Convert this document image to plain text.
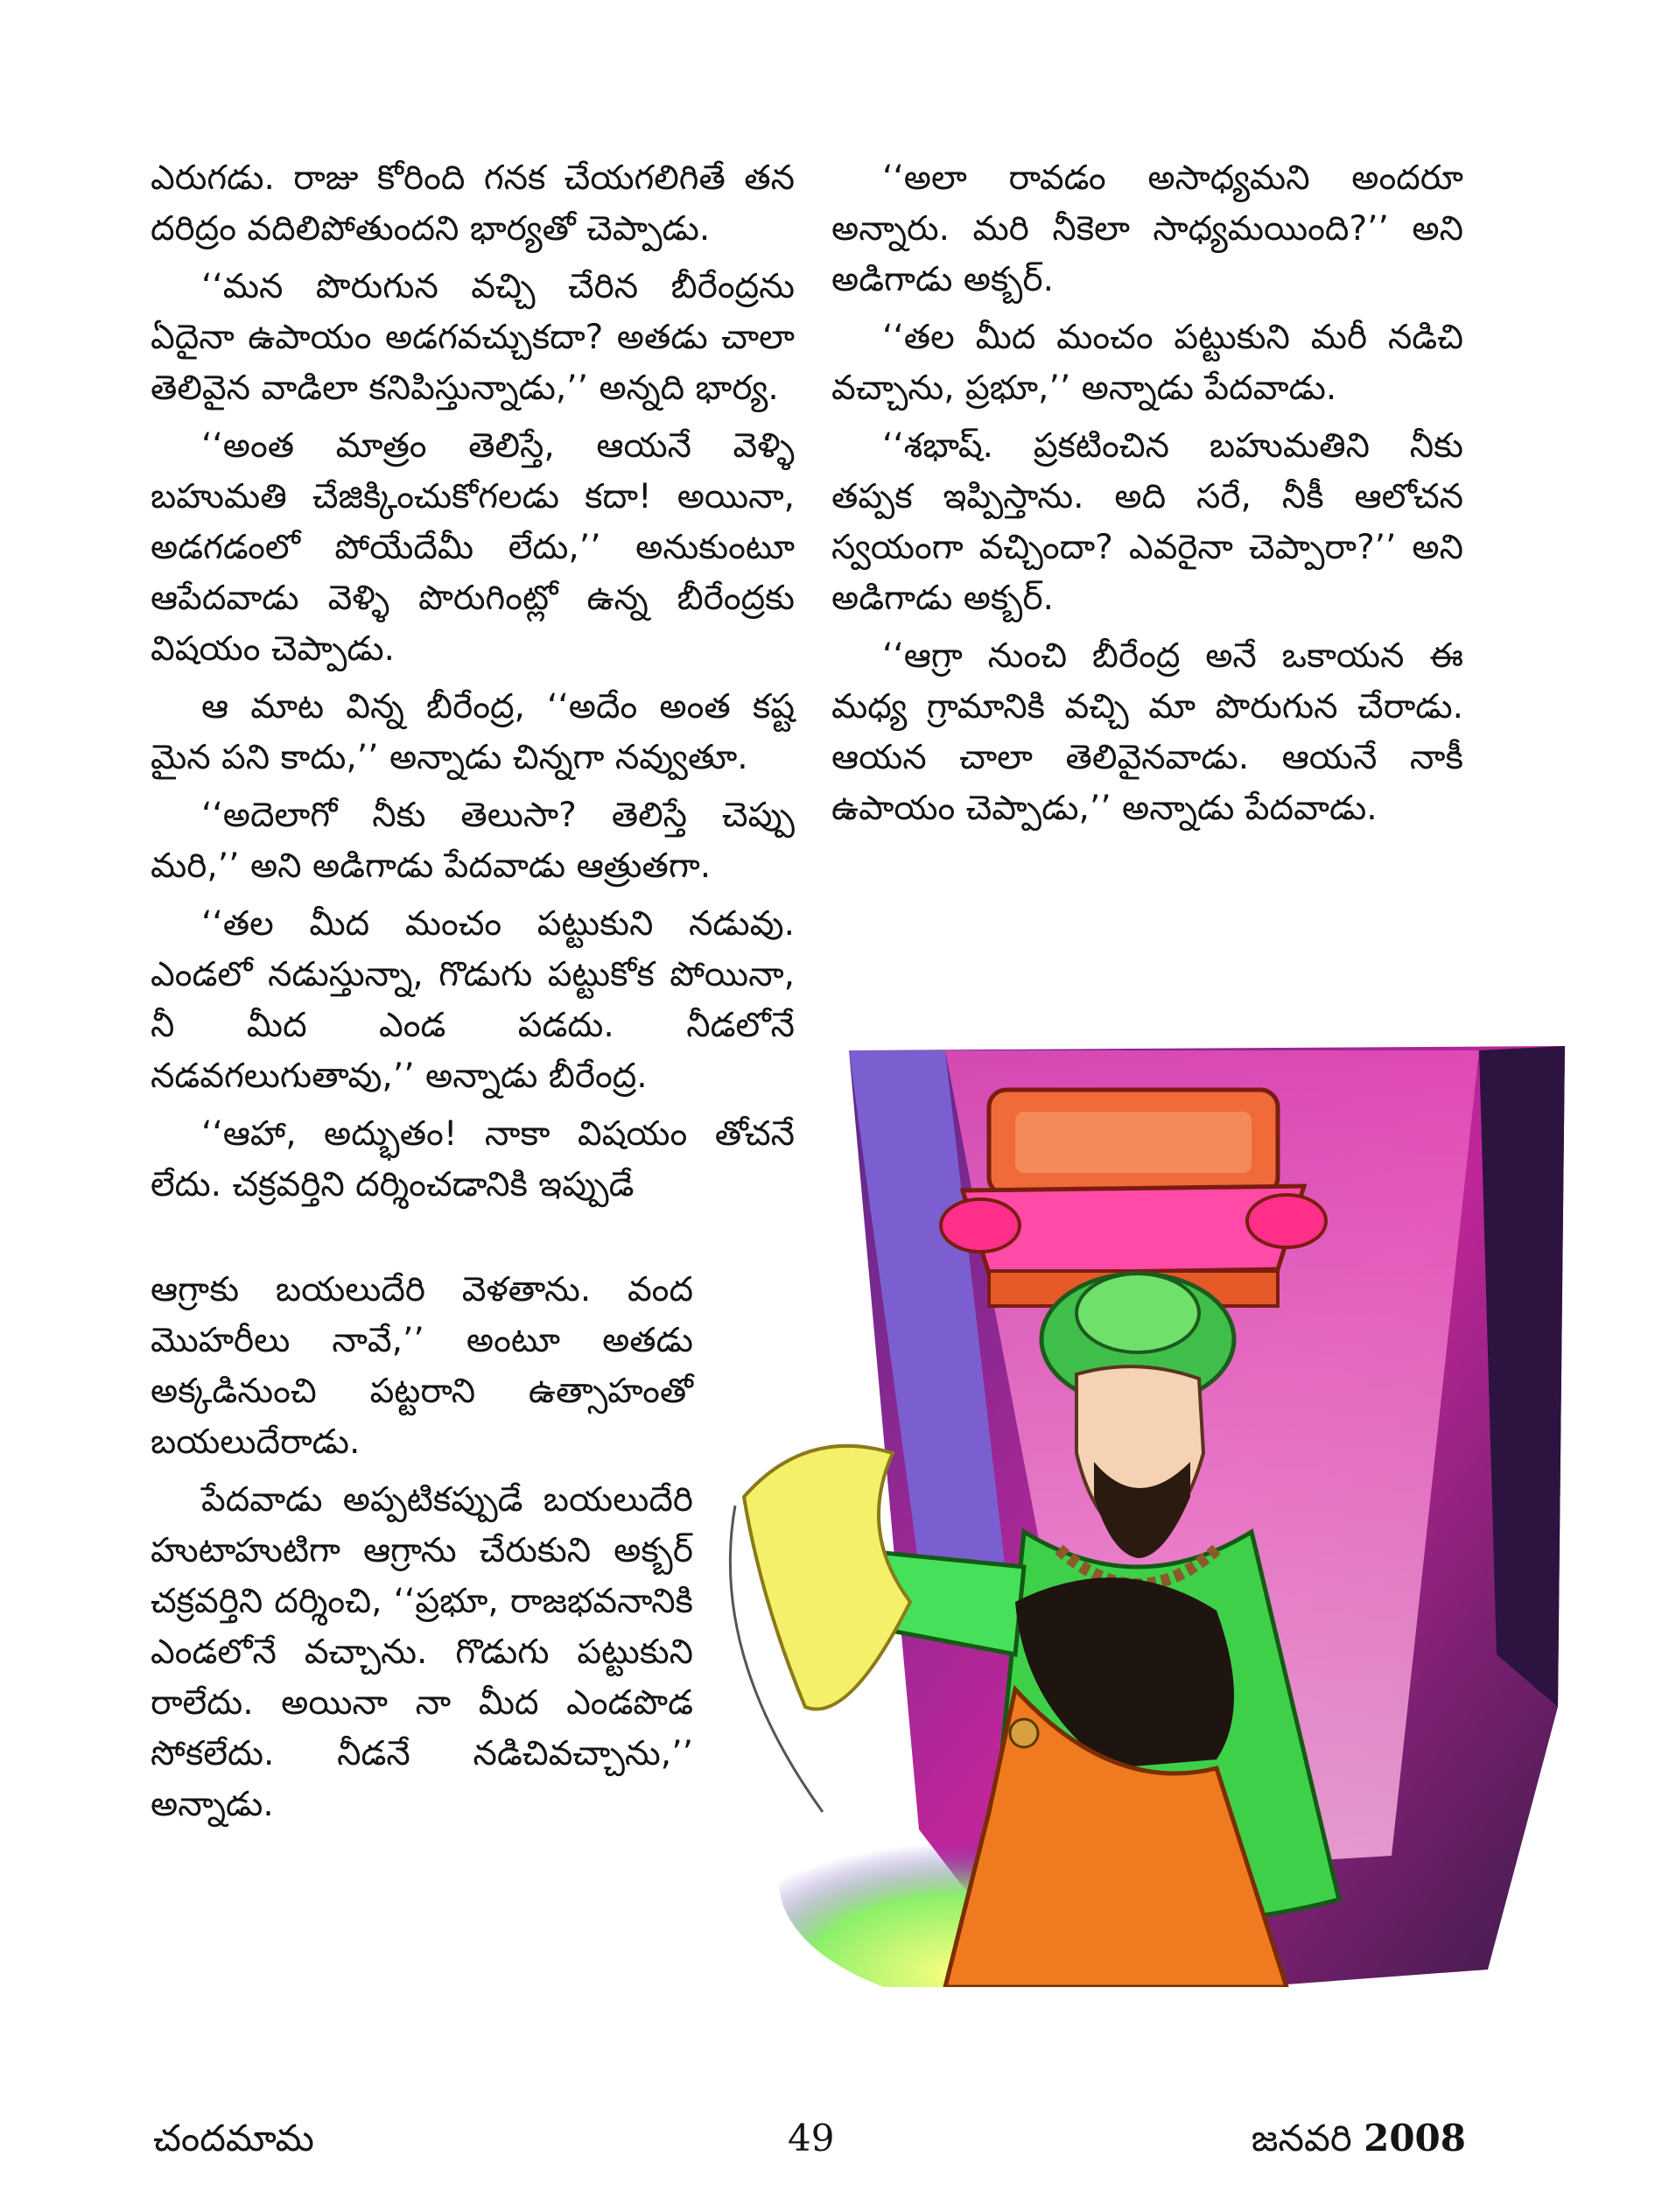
ఎరుగడు. రాజు కోరింది గనక చేయగలిగితే తన దరిద్రం వదిలిపోతుందని భార్యతో చెప్పాడు.

‘‘మన పొరుగున వచ్చి చేరిన బీరేంద్రను ఏదైనా ఉపాయం అడగవచ్చుకదా? అతడు చాలా తెలివైన వాడిలా కనిపిస్తున్నాడు,’’ అన్నది భార్య.

‘‘అంత మాత్రం తెలిస్తే, ఆయనే వెళ్ళి బహుమతి చేజిక్కించుకోగలడు కదా! అయినా, అడగడంలో పోయేదేమీ లేదు,’’ అనుకుంటూ ఆపేదవాడు వెళ్ళి పొరుగింట్లో ఉన్న బీరేంద్రకు విషయం చెప్పాడు.

ఆ మాట విన్న బీరేంద్ర, ‘‘అదేం అంత కష్ట మైన పని కాదు,’’ అన్నాడు చిన్నగా నవ్వుతూ.

‘‘అదెలాగో నీకు తెలుసా? తెలిస్తే చెప్పు మరి,’’ అని అడిగాడు పేదవాడు ఆత్రుతగా.

‘‘తల మీద మంచం పట్టుకుని నడువు. ఎండలో నడుస్తున్నా, గొడుగు పట్టుకోక పోయినా, నీ మీద ఎండ పడదు. నీడలోనే నడవగలుగుతావు,’’ అన్నాడు బీరేంద్ర.

‘‘ఆహా, అద్భుతం! నాకా విషయం తోచనే లేదు. చక్రవర్తిని దర్శించడానికి ఇప్పుడే

ఆగ్రాకు బయలుదేరి వెళతాను. వంద మొహరీలు నావే,’’ అంటూ అతడు అక్కడినుంచి పట్టరాని ఉత్సాహంతో బయలుదేరాడు.

పేదవాడు అప్పటికప్పుడే బయలుదేరి హుటాహుటిగా ఆగ్రాను చేరుకుని అక్బర్ చక్రవర్తిని దర్శించి, ‘‘ప్రభూ, రాజభవనానికి ఎండలోనే వచ్చాను. గొడుగు పట్టుకుని రాలేదు. అయినా నా మీద ఎండపొడ సోకలేదు. నీడనే నడిచివచ్చాను,’’ అన్నాడు.

‘‘అలా రావడం అసాధ్యమని అందరూ అన్నారు. మరి నీకెలా సాధ్యమయింది?’’ అని అడిగాడు అక్బర్.

‘‘తల మీద మంచం పట్టుకుని మరీ నడిచి వచ్చాను, ప్రభూ,’’ అన్నాడు పేదవాడు.

‘‘శభాష్. ప్రకటించిన బహుమతిని నీకు తప్పక ఇప్పిస్తాను. అది సరే, నీకీ ఆలోచన స్వయంగా వచ్చిందా? ఎవరైనా చెప్పారా?’’ అని అడిగాడు అక్బర్.

‘‘ఆగ్రా నుంచి బీరేంద్ర అనే ఒకాయన ఈ మధ్య గ్రామానికి వచ్చి మా పొరుగున చేరాడు. ఆయన చాలా తెలివైనవాడు. ఆయనే నాకీ ఉపాయం చెప్పాడు,’’ అన్నాడు పేదవాడు.

చందమామ	49	జనవరి 2008
